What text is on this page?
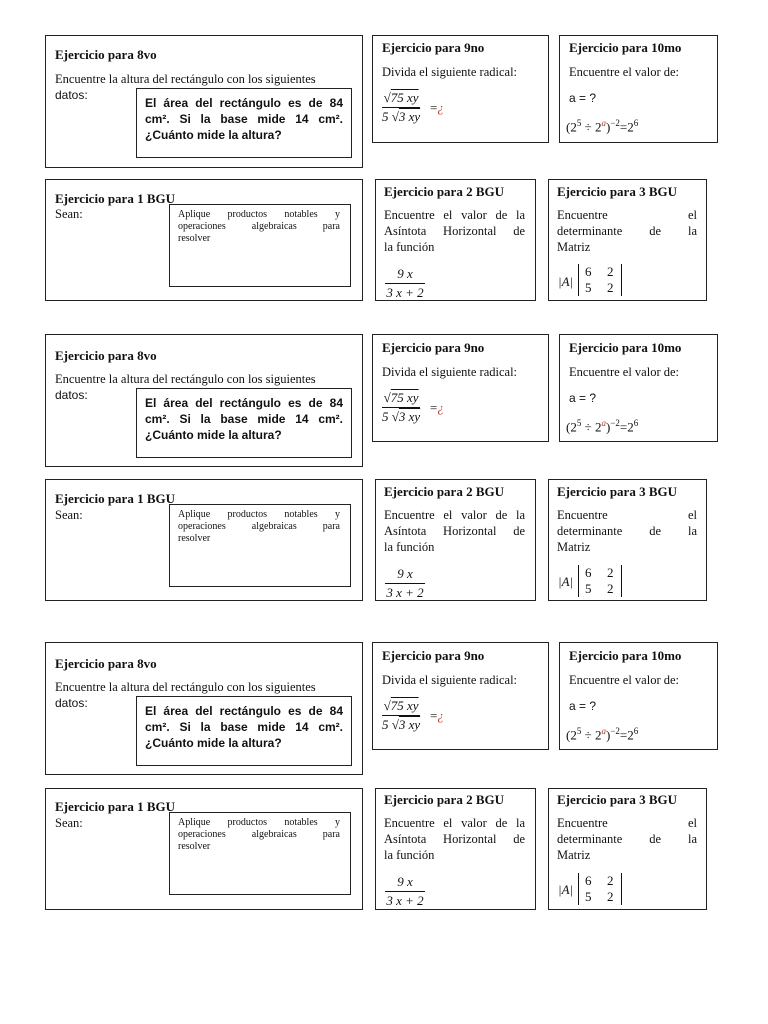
Ejercicio para 8vo
Encuentre la altura del rectángulo con los siguientes
datos:
El área del rectángulo es de 84
cm². Si la base mide 14 cm².
¿Cuánto mide la altura?
Ejercicio para 9no
Divida el siguiente radical:
√75 xy
5 √3 xy
=¿
Ejercicio para 10mo
Encuentre el valor de:
a = ?
$(2^5 \div 2^a)^{-2}=2^6$
Ejercicio para 1 BGU
Sean:	Aplique productos notables y
operaciones algebraicas para
resolver
Ejercicio para 2 BGU
Encuentre el valor de la
Asíntota Horizontal de
la función
9 x
3 x + 2
Ejercicio para 3 BGU
Encuentre el
determinante de la
Matriz
|A|
6 2
5 2
Ejercicio para 8vo
Encuentre la altura del rectángulo con los siguientes
datos:
El área del rectángulo es de 84
cm². Si la base mide 14 cm².
¿Cuánto mide la altura?
Ejercicio para 9no
Divida el siguiente radical:
√75 xy
5 √3 xy
=¿
Ejercicio para 10mo
Encuentre el valor de:
a = ?
$(2^5 \div 2^a)^{-2}=2^6$
Ejercicio para 1 BGU
Sean:	Aplique productos notables y
operaciones algebraicas para
resolver
Ejercicio para 2 BGU
Encuentre el valor de la
Asíntota Horizontal de
la función
9 x
3 x + 2
Ejercicio para 3 BGU
Encuentre el
determinante de la
Matriz
|A|
6 2
5 2
Ejercicio para 8vo
Encuentre la altura del rectángulo con los siguientes
datos:
El área del rectángulo es de 84
cm². Si la base mide 14 cm².
¿Cuánto mide la altura?
Ejercicio para 9no
Divida el siguiente radical:
√75 xy
5 √3 xy
=¿
Ejercicio para 10mo
Encuentre el valor de:
a = ?
$(2^5 \div 2^a)^{-2}=2^6$
Ejercicio para 1 BGU
Sean:	Aplique productos notables y
operaciones algebraicas para
resolver
Ejercicio para 2 BGU
Encuentre el valor de la
Asíntota Horizontal de
la función
9 x
3 x + 2
Ejercicio para 3 BGU
Encuentre el
determinante de la
Matriz
|A|
6 2
5 2
